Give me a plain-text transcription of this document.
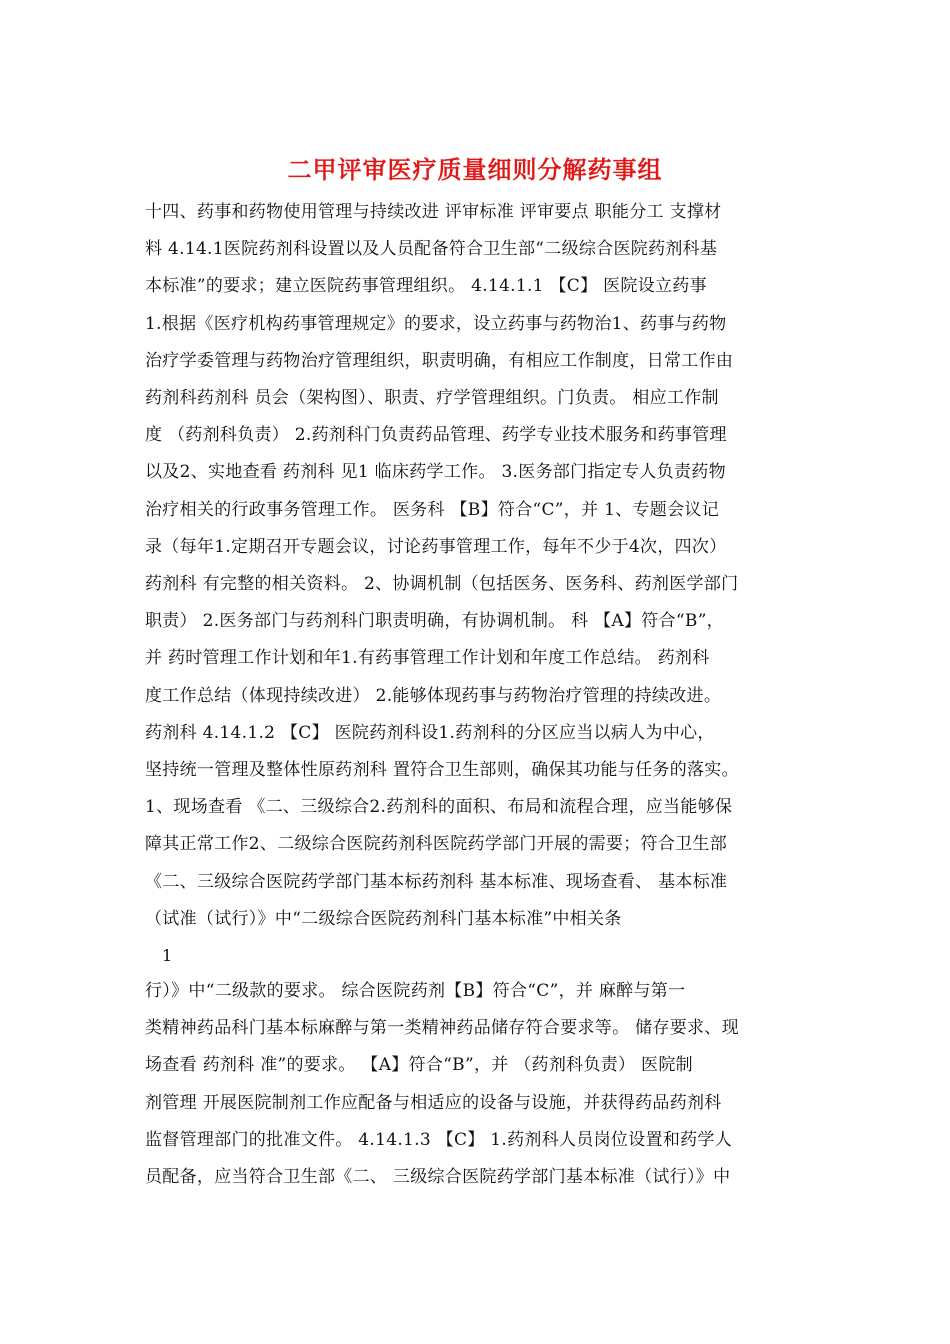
二甲评审医疗质量细则分解药事组
十四、药事和药物使用管理与持续改进 评审标准 评审要点 职能分工 支撑材
料 4.14.1医院药剂科设置以及人员配备符合卫生部“二级综合医院药剂科基
本标准”的要求；建立医院药事管理组织。 4.14.1.1 【C】 医院设立药事
1.根据《医疗机构药事管理规定》的要求，设立药事与药物治1、药事与药物
治疗学委管理与药物治疗管理组织，职责明确，有相应工作制度，日常工作由
药剂科药剂科 员会（架构图）、职责、疗学管理组织。门负责。 相应工作制
度 （药剂科负责） 2.药剂科门负责药品管理、药学专业技术服务和药事管理
以及2、实地查看 药剂科 见1 临床药学工作。 3.医务部门指定专人负责药物
治疗相关的行政事务管理工作。 医务科 【B】符合“C”，并 1、专题会议记
录（每年1.定期召开专题会议，讨论药事管理工作，每年不少于4次，四次）
药剂科 有完整的相关资料。 2、协调机制（包括医务、医务科、药剂医学部门
职责） 2.医务部门与药剂科门职责明确，有协调机制。 科 【A】符合“B”，
并 药时管理工作计划和年1.有药事管理工作计划和年度工作总结。 药剂科
度工作总结（体现持续改进） 2.能够体现药事与药物治疗管理的持续改进。
药剂科 4.14.1.2 【C】 医院药剂科设1.药剂科的分区应当以病人为中心，
坚持统一管理及整体性原药剂科 置符合卫生部则，确保其功能与任务的落实。
1、现场查看 《二、三级综合2.药剂科的面积、布局和流程合理，应当能够保
障其正常工作2、二级综合医院药剂科医院药学部门开展的需要；符合卫生部
《二、三级综合医院药学部门基本标药剂科 基本标准、现场查看、 基本标准
（试准（试行）》中“二级综合医院药剂科门基本标准”中相关条
行）》中“二级款的要求。 综合医院药剂【B】符合“C”，并 麻醉与第一
类精神药品科门基本标麻醉与第一类精神药品储存符合要求等。 储存要求、现
场查看 药剂科 准”的要求。 【A】符合“B”，并 （药剂科负责） 医院制
剂管理 开展医院制剂工作应配备与相适应的设备与设施，并获得药品药剂科
监督管理部门的批准文件。 4.14.1.3 【C】 1.药剂科人员岗位设置和药学人
员配备，应当符合卫生部《二、 三级综合医院药学部门基本标准（试行）》中
1
